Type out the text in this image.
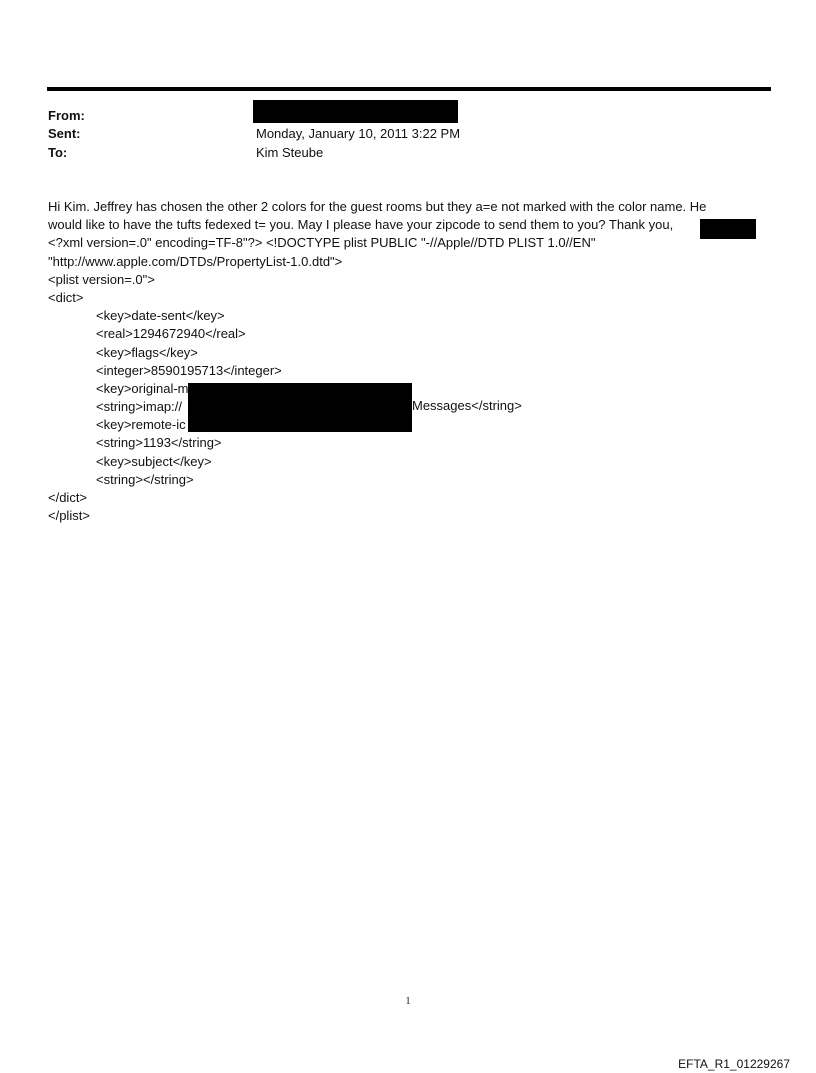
From:
Sent:	Monday, January 10, 2011 3:22 PM
To:	Kim Steube
Hi Kim. Jeffrey has chosen the other 2 colors for the guest rooms but they a=e not marked with the color name. He
would like to have the tufts fedexed t= you. May I please have your zipcode to send them to you? Thank you,
<?xml version=.0" encoding=TF-8"?> <!DOCTYPE plist PUBLIC "-//Apple//DTD PLIST 1.0//EN"
"http://www.apple.com/DTDs/PropertyList-1.0.dtd">
<plist version=.0">
<dict>
<key>date-sent</key>
<real>1294672940</real>
<key>flags</key>
<integer>8590195713</integer>
<key>original-m
<string>imap://
<key>remote-ic
<string>1193</string>
<key>subject</key>
<string></string>
</dict>
</plist>
Messages</string>
1
EFTA_R1_01229267
